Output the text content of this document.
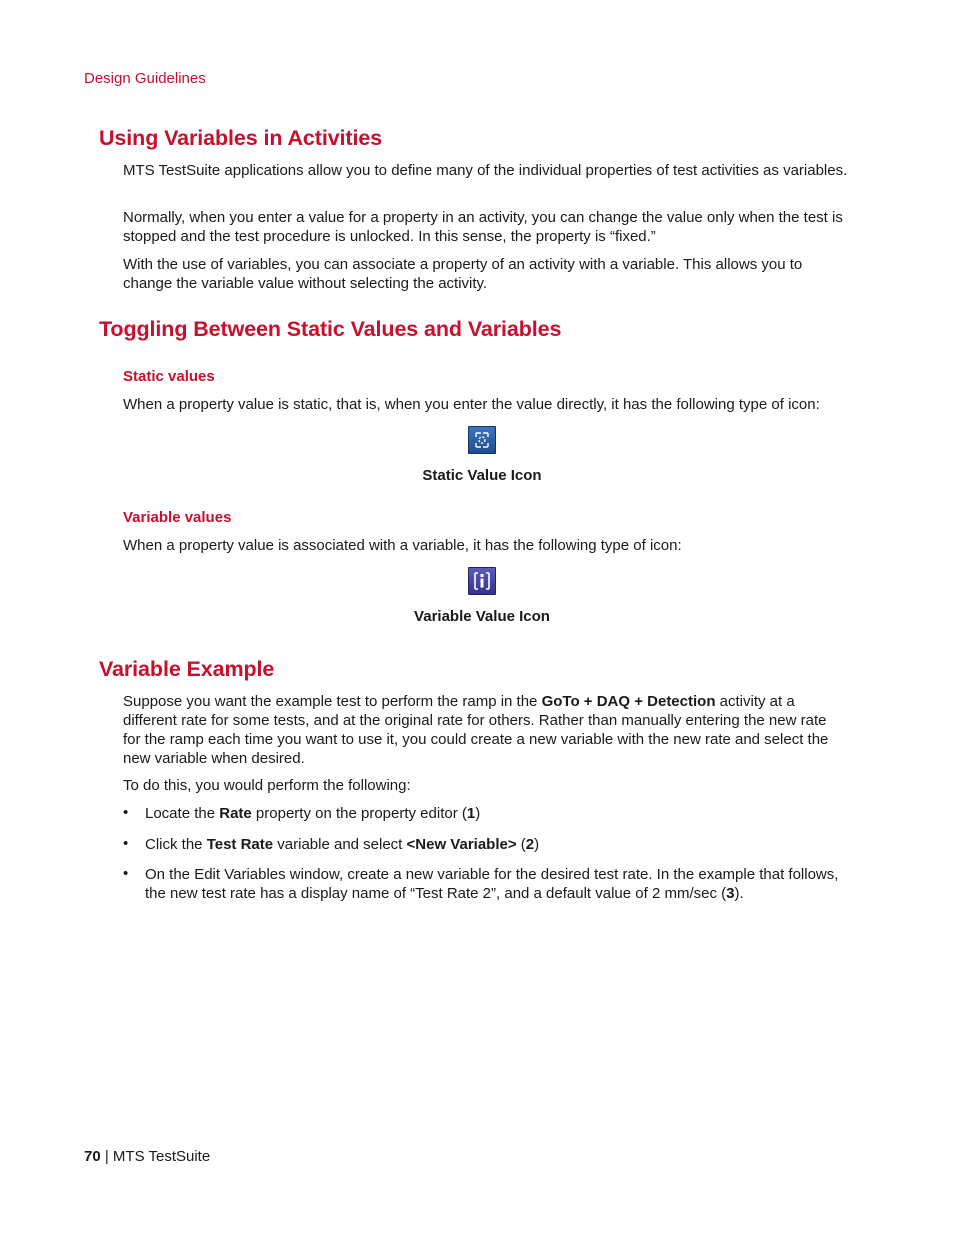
Design Guidelines
Using Variables in Activities
MTS TestSuite applications allow you to define many of the individual properties of test activities as variables.
Normally, when you enter a value for a property in an activity, you can change the value only when the test is stopped and the test procedure is unlocked. In this sense, the property is “fixed.”
With the use of variables, you can associate a property of an activity with a variable. This allows you to change the variable value without selecting the activity.
Toggling Between Static Values and Variables
Static values
When a property value is static, that is, when you enter the value directly, it has the following type of icon:
Static Value Icon
Variable values
When a property value is associated with a variable, it has the following type of icon:
Variable Value Icon
Variable Example
Suppose you want the example test to perform the ramp in the GoTo + DAQ + Detection activity at a different rate for some tests, and at the original rate for others. Rather than manually entering the new rate for the ramp each time you want to use it, you could create a new variable with the new rate and select the new variable when desired.
To do this, you would perform the following:
• Locate the Rate property on the property editor (1)
• Click the Test Rate variable and select <New Variable> (2)
• On the Edit Variables window, create a new variable for the desired test rate. In the example that follows, the new test rate has a display name of “Test Rate 2”, and a default value of 2 mm/sec (3).
70 | MTS TestSuite
